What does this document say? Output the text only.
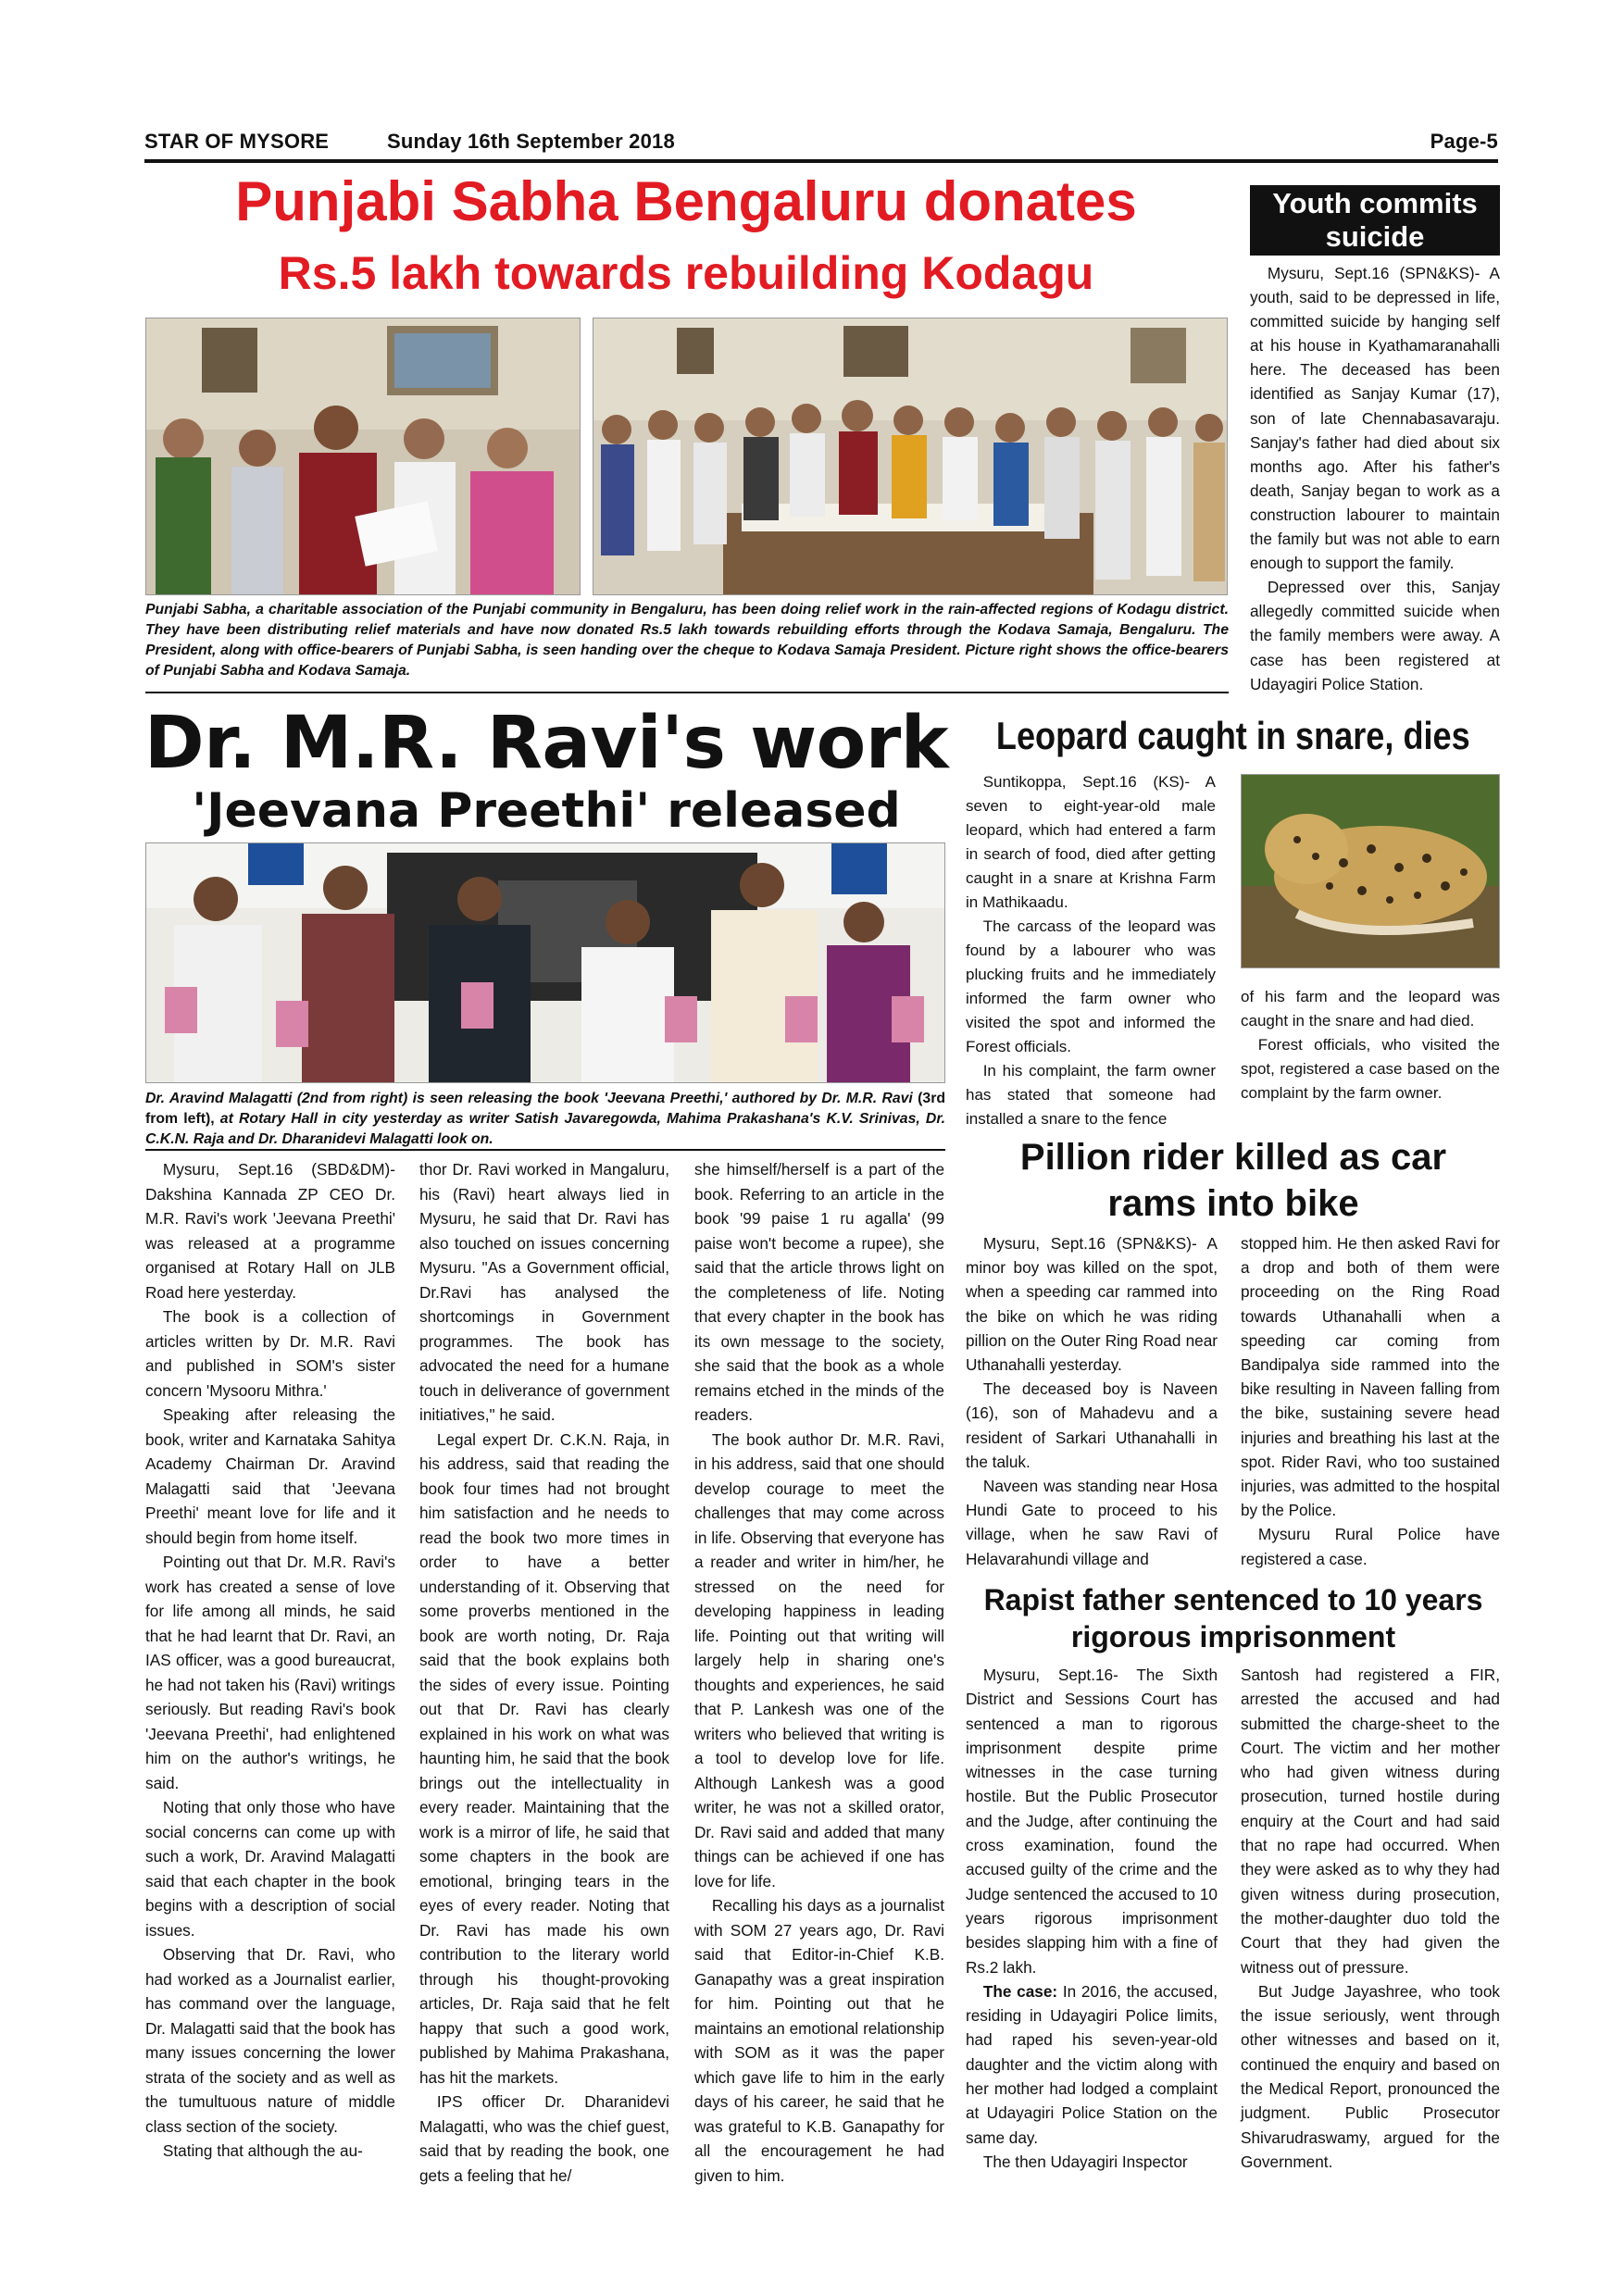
STAR OF MYSORE	Sunday 16th September 2018	Page-5
Punjabi Sabha Bengaluru donates
Rs.5 lakh towards rebuilding Kodagu
Punjabi Sabha, a charitable association of the Punjabi community in Bengaluru, has been doing relief work in the rain-affected regions of Kodagu district. They have been distributing relief materials and have now donated Rs.5 lakh towards rebuilding efforts through the Kodava Samaja, Bengaluru. The President, along with office-bearers of Punjabi Sabha, is seen handing over the cheque to Kodava Samaja President. Picture right shows the office-bearers of Punjabi Sabha and Kodava Samaja.
Youth commits suicide

Mysuru, Sept.16 (SPN&KS)- A youth, said to be depressed in life, committed suicide by hanging self at his house in Kyathamaranahalli here. The deceased has been identified as Sanjay Kumar (17), son of late Chennabasavaraju. Sanjay's father had died about six months ago. After his father's death, Sanjay began to work as a construction labourer to maintain the family but was not able to earn enough to support the family.

Depressed over this, Sanjay allegedly committed suicide when the family members were away. A case has been registered at Udayagiri Police Station.

Dr. M.R. Ravi's work
'Jeevana Preethi' released
Dr. Aravind Malagatti (2nd from right) is seen releasing the book 'Jeevana Preethi,' authored by Dr. M.R. Ravi (3rd from left), at Rotary Hall in city yesterday as writer Satish Javaregowda, Mahima Prakashana's K.V. Srinivas, Dr. C.K.N. Raja and Dr. Dharanidevi Malagatti look on.

Mysuru, Sept.16 (SBD&DM)- Dakshina Kannada ZP CEO Dr. M.R. Ravi's work 'Jeevana Preethi' was released at a programme organised at Rotary Hall on JLB Road here yesterday.

The book is a collection of articles written by Dr. M.R. Ravi and published in SOM's sister concern 'Mysooru Mithra.'

Speaking after releasing the book, writer and Karnataka Sahitya Academy Chairman Dr. Aravind Malagatti said that 'Jeevana Preethi' meant love for life and it should begin from home itself.

Pointing out that Dr. M.R. Ravi's work has created a sense of love for life among all minds, he said that he had learnt that Dr. Ravi, an IAS officer, was a good bureaucrat, he had not taken his (Ravi) writings seriously. But reading Ravi's book 'Jeevana Preethi', had enlightened him on the author's writings, he said.

Noting that only those who have social concerns can come up with such a work, Dr. Aravind Malagatti said that each chapter in the book begins with a description of social issues.

Observing that Dr. Ravi, who had worked as a Journalist earlier, has command over the language, Dr. Malagatti said that the book has many issues concerning the lower strata of the society and as well as the tumultuous nature of middle class section of the society.

Stating that although the au-

thor Dr. Ravi worked in Mangaluru, his (Ravi) heart always lied in Mysuru, he said that Dr. Ravi has also touched on issues concerning Mysuru. "As a Government official, Dr.Ravi has analysed the shortcomings in Government programmes. The book has advocated the need for a humane touch in deliverance of government initiatives," he said.

Legal expert Dr. C.K.N. Raja, in his address, said that reading the book four times had not brought him satisfaction and he needs to read the book two more times in order to have a better understanding of it. Observing that some proverbs mentioned in the book are worth noting, Dr. Raja said that the book explains both the sides of every issue. Pointing out that Dr. Ravi has clearly explained in his work on what was haunting him, he said that the book brings out the intellectuality in every reader. Maintaining that the work is a mirror of life, he said that some chapters in the book are emotional, bringing tears in the eyes of every reader. Noting that Dr. Ravi has made his own contribution to the literary world through his thought-provoking articles, Dr. Raja said that he felt happy that such a good work, published by Mahima Prakashana, has hit the markets.

IPS officer Dr. Dharanidevi Malagatti, who was the chief guest, said that by reading the book, one gets a feeling that he/

she himself/herself is a part of the book. Referring to an article in the book '99 paise 1 ru agalla' (99 paise won't become a rupee), she said that the article throws light on the completeness of life. Noting that every chapter in the book has its own message to the society, she said that the book as a whole remains etched in the minds of the readers.

The book author Dr. M.R. Ravi, in his address, said that one should develop courage to meet the challenges that may come across in life. Observing that everyone has a reader and writer in him/her, he stressed on the need for developing happiness in leading life. Pointing out that writing will largely help in sharing one's thoughts and experiences, he said that P. Lankesh was one of the writers who believed that writing is a tool to develop love for life. Although Lankesh was a good writer, he was not a skilled orator, Dr. Ravi said and added that many things can be achieved if one has love for life.

Recalling his days as a journalist with SOM 27 years ago, Dr. Ravi said that Editor-in-Chief K.B. Ganapathy was a great inspiration for him. Pointing out that he maintains an emotional relationship with SOM as it was the paper which gave life to him in the early days of his career, he said that he was grateful to K.B. Ganapathy for all the encouragement he had given to him.

Leopard caught in snare, dies

Suntikoppa, Sept.16 (KS)- A seven to eight-year-old male leopard, which had entered a farm in search of food, died after getting caught in a snare at Krishna Farm in Mathikaadu.

The carcass of the leopard was found by a labourer who was plucking fruits and he immediately informed the farm owner who visited the spot and informed the Forest officials.

In his complaint, the farm owner has stated that someone had installed a snare to the fence

of his farm and the leopard was caught in the snare and had died.

Forest officials, who visited the spot, registered a case based on the complaint by the farm owner.

Pillion rider killed as car
rams into bike

Mysuru, Sept.16 (SPN&KS)- A minor boy was killed on the spot, when a speeding car rammed into the bike on which he was riding pillion on the Outer Ring Road near Uthanahalli yesterday.

The deceased boy is Naveen (16), son of Mahadevu and a resident of Sarkari Uthanahalli in the taluk.

Naveen was standing near Hosa Hundi Gate to proceed to his village, when he saw Ravi of Helavarahundi village and

stopped him. He then asked Ravi for a drop and both of them were proceeding on the Ring Road towards Uthanahalli when a speeding car coming from Bandipalya side rammed into the bike resulting in Naveen falling from the bike, sustaining severe head injuries and breathing his last at the spot. Rider Ravi, who too sustained injuries, was admitted to the hospital by the Police.

Mysuru Rural Police have registered a case.

Rapist father sentenced to 10 years
rigorous imprisonment

Mysuru, Sept.16- The Sixth District and Sessions Court has sentenced a man to rigorous imprisonment despite prime witnesses in the case turning hostile. But the Public Prosecutor and the Judge, after continuing the cross examination, found the accused guilty of the crime and the Judge sentenced the accused to 10 years rigorous imprisonment besides slapping him with a fine of Rs.2 lakh.

The case: In 2016, the accused, residing in Udayagiri Police limits, had raped his seven-year-old daughter and the victim along with her mother had lodged a complaint at Udayagiri Police Station on the same day.

The then Udayagiri Inspector

Santosh had registered a FIR, arrested the accused and had submitted the charge-sheet to the Court. The victim and her mother who had given witness during prosecution, turned hostile during enquiry at the Court and had said that no rape had occurred. When they were asked as to why they had given witness during prosecution, the mother-daughter duo told the Court that they had given the witness out of pressure.

But Judge Jayashree, who took the issue seriously, went through other witnesses and based on it, continued the enquiry and based on the Medical Report, pronounced the judgment. Public Prosecutor Shivarudraswamy, argued for the Government.
